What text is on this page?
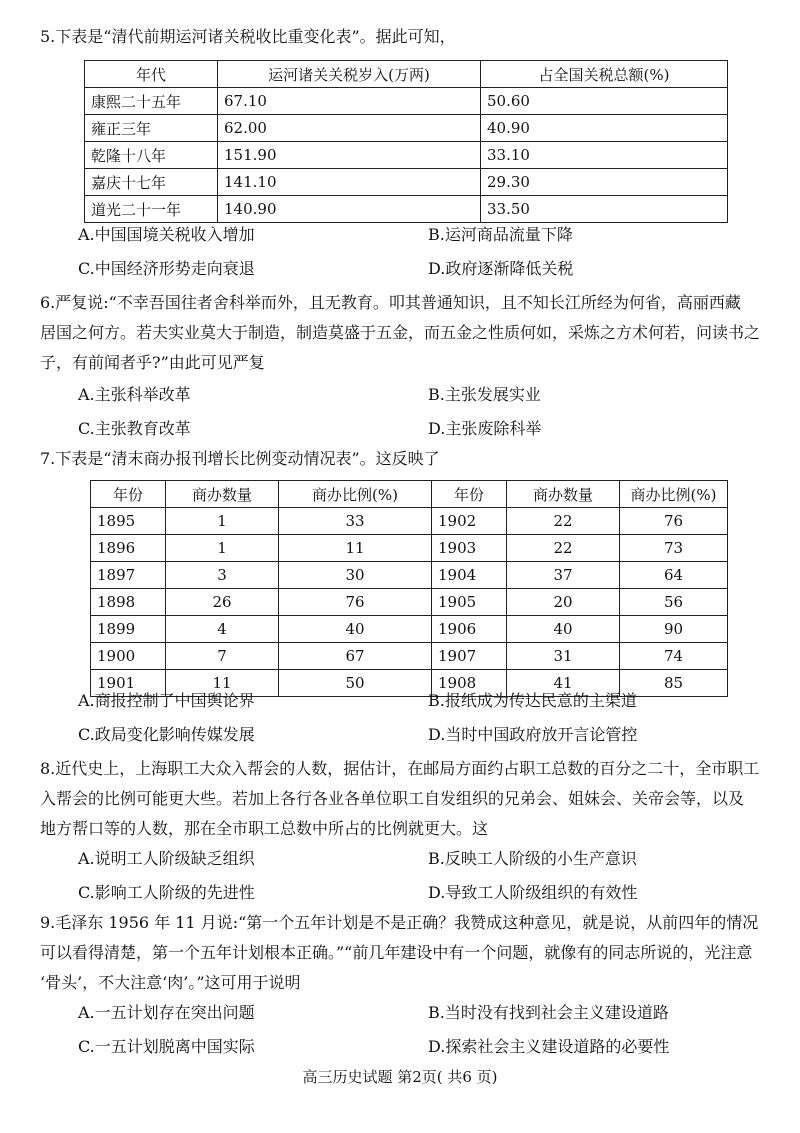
5.下表是“清代前期运河诸关税收比重变化表”。据此可知，
年代	运河诸关关税岁入(万两)	占全国关税总额(%)
康熙二十五年	67.10	50.60
雍正三年	62.00	40.90
乾隆十八年	151.90	33.10
嘉庆十七年	141.10	29.30
道光二十一年	140.90	33.50
A.中国国境关税收入增加	B.运河商品流量下降
C.中国经济形势走向衰退	D.政府逐渐降低关税
6.严复说:“不幸吾国往者舍科举而外，且无教育。叩其普通知识，且不知长江所经为何省，高丽西藏
居国之何方。若夫实业莫大于制造，制造莫盛于五金，而五金之性质何如，采炼之方术何若，问读书之
子，有前闻者乎?”由此可见严复
A.主张科举改革	B.主张发展实业
C.主张教育改革	D.主张废除科举
7.下表是“清末商办报刊增长比例变动情况表”。这反映了
年份	商办数量	商办比例(%)	年份	商办数量	商办比例(%)
1895	1	33	1902	22	76
1896	1	11	1903	22	73
1897	3	30	1904	37	64
1898	26	76	1905	20	56
1899	4	40	1906	40	90
1900	7	67	1907	31	74
1901	11	50	1908	41	85
A.商报控制了中国舆论界	B.报纸成为传达民意的主渠道
C.政局变化影响传媒发展	D.当时中国政府放开言论管控
8.近代史上，上海职工大众入帮会的人数，据估计，在邮局方面约占职工总数的百分之二十，全市职工
入帮会的比例可能更大些。若加上各行各业各单位职工自发组织的兄弟会、姐妹会、关帝会等，以及
地方帮口等的人数，那在全市职工总数中所占的比例就更大。这
A.说明工人阶级缺乏组织	B.反映工人阶级的小生产意识
C.影响工人阶级的先进性	D.导致工人阶级组织的有效性
9.毛泽东 1956 年 11 月说:“第一个五年计划是不是正确？我赞成这种意见，就是说，从前四年的情况
可以看得清楚，第一个五年计划根本正确。”“前几年建设中有一个问题，就像有的同志所说的，光注意
‘骨头’，不大注意‘肉’。”这可用于说明
A.一五计划存在突出问题	B.当时没有找到社会主义建设道路
C.一五计划脱离中国实际	D.探索社会主义建设道路的必要性
高三历史试题 第2页( 共6 页)
